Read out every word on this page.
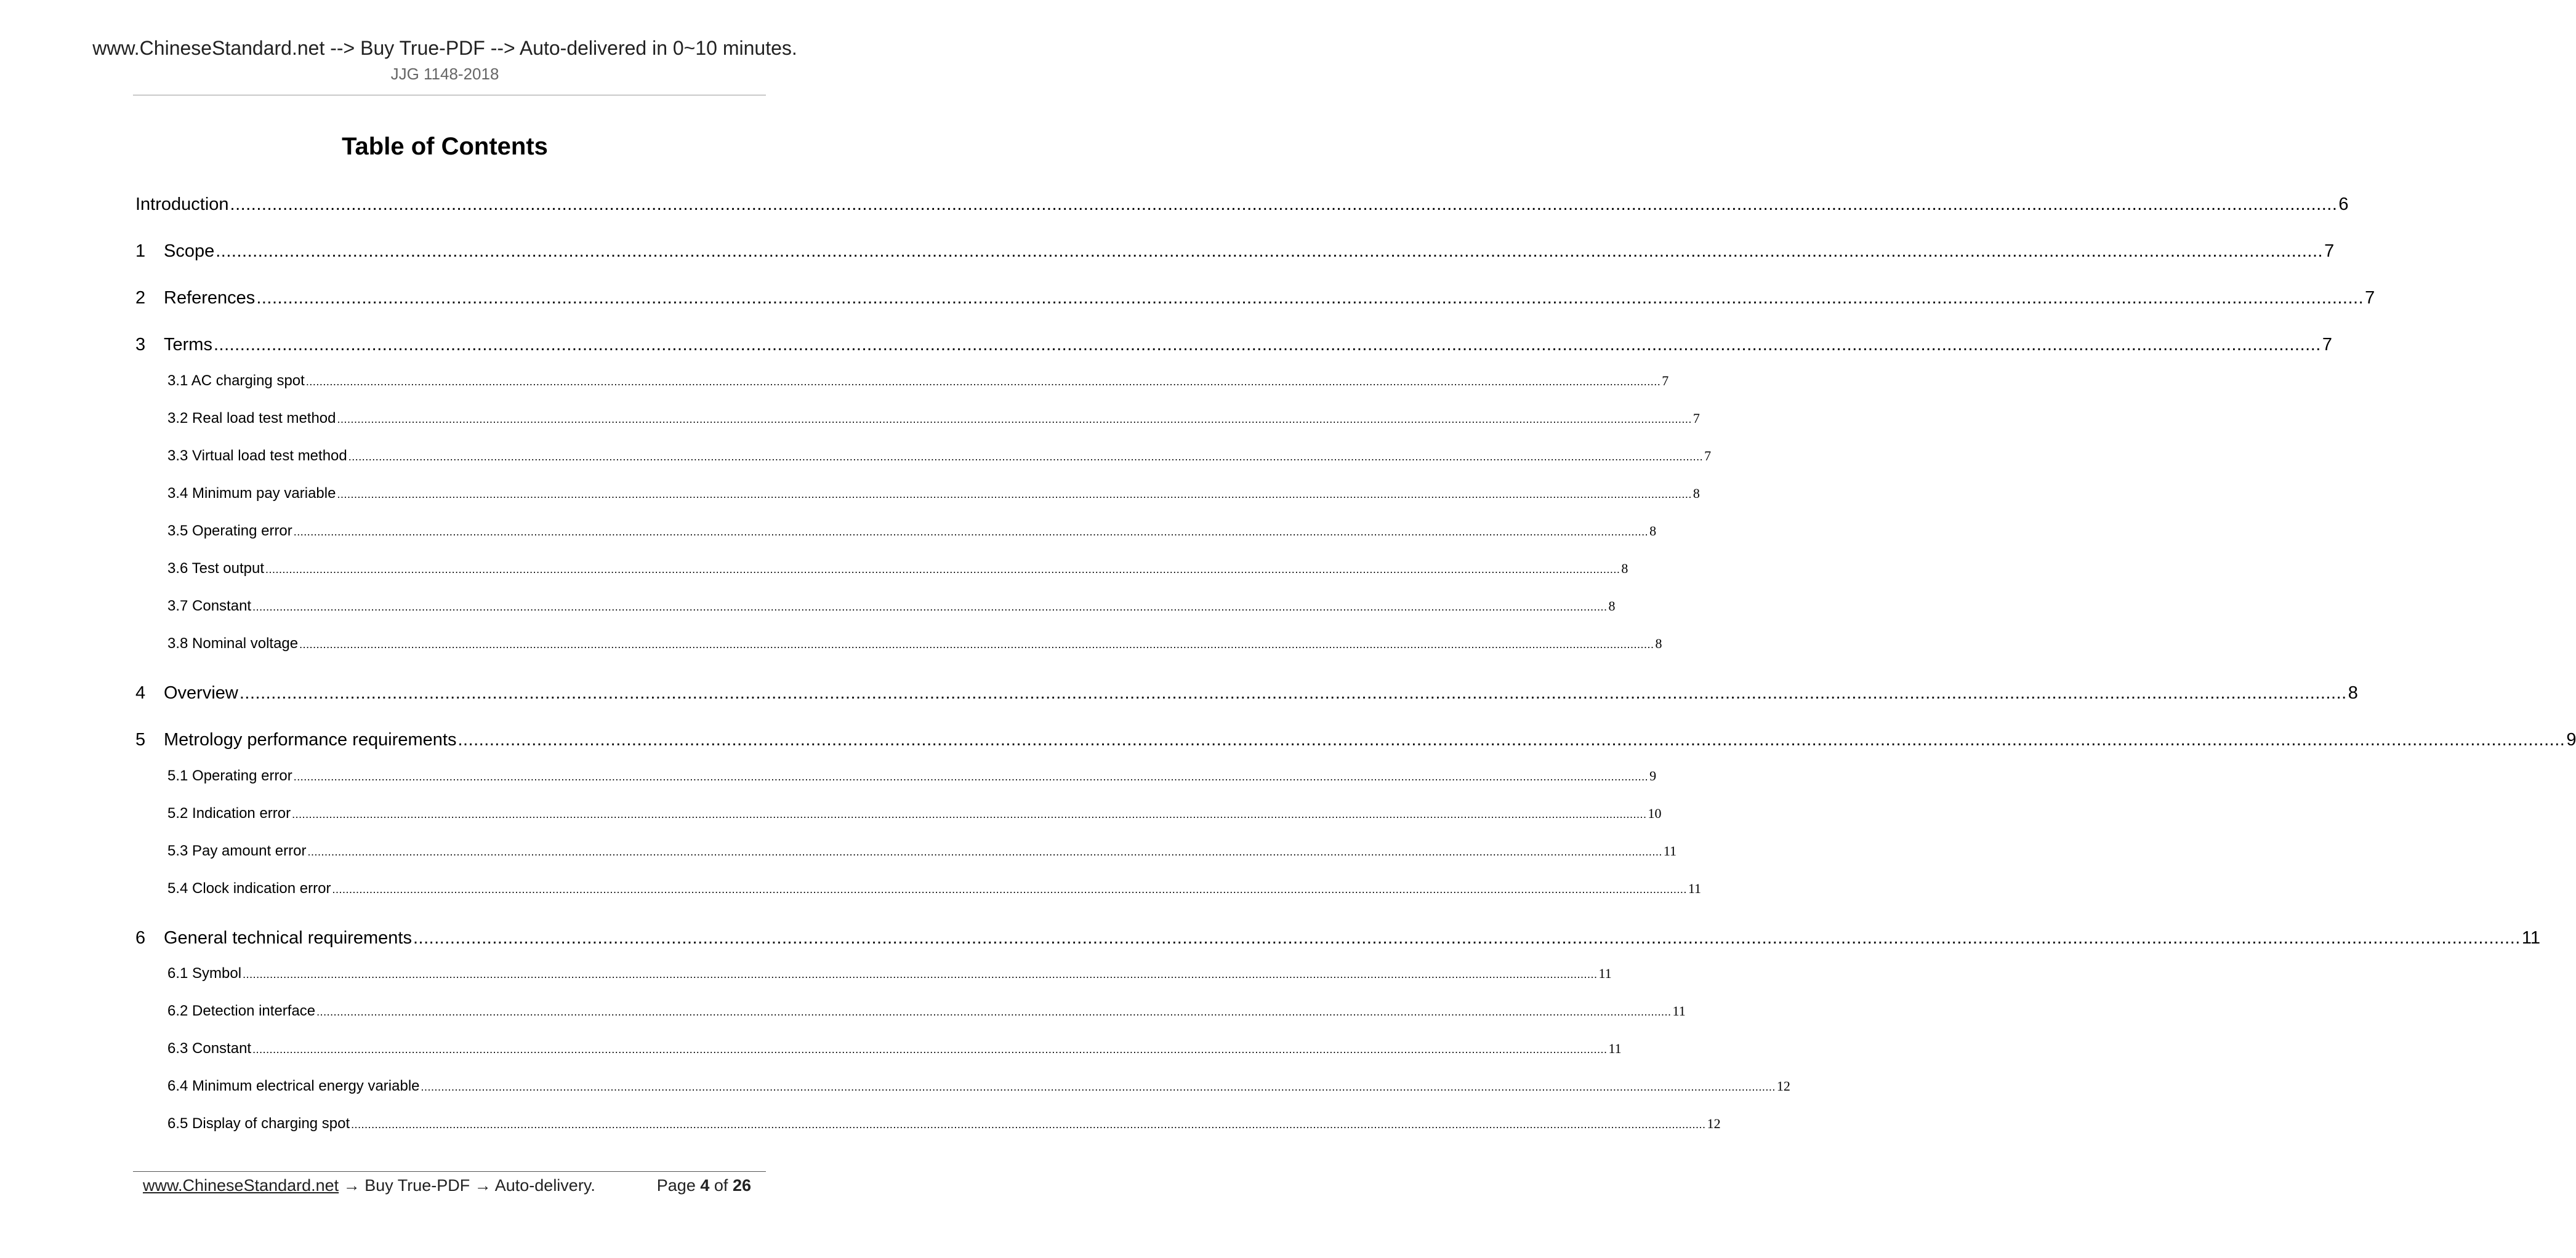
www.ChineseStandard.net --> Buy True-PDF --> Auto-delivered in 0~10 minutes.
JJG 1148-2018
Table of Contents
Introduction ................................................................................................................................................................................................................................................................................................................................................................................................................ 6
1	Scope ................................................................................................................................................................................................................................................................................................................................................................................................................ 7
2	References ................................................................................................................................................................................................................................................................................................................................................................................................................ 7
3	Terms ................................................................................................................................................................................................................................................................................................................................................................................................................ 7
3.1 AC charging spot ................................................................................................................................................................................................................................................................................................................................................................................................................ 7
3.2 Real load test method ................................................................................................................................................................................................................................................................................................................................................................................................................ 7
3.3 Virtual load test method ................................................................................................................................................................................................................................................................................................................................................................................................................ 7
3.4 Minimum pay variable ................................................................................................................................................................................................................................................................................................................................................................................................................ 8
3.5 Operating error ................................................................................................................................................................................................................................................................................................................................................................................................................ 8
3.6 Test output ................................................................................................................................................................................................................................................................................................................................................................................................................ 8
3.7 Constant ................................................................................................................................................................................................................................................................................................................................................................................................................ 8
3.8 Nominal voltage ................................................................................................................................................................................................................................................................................................................................................................................................................ 8
4	Overview ................................................................................................................................................................................................................................................................................................................................................................................................................ 8
5	Metrology performance requirements ................................................................................................................................................................................................................................................................................................................................................................................................................ 9
5.1 Operating error ................................................................................................................................................................................................................................................................................................................................................................................................................ 9
5.2 Indication error ................................................................................................................................................................................................................................................................................................................................................................................................................ 10
5.3 Pay amount error ................................................................................................................................................................................................................................................................................................................................................................................................................ 11
5.4 Clock indication error ................................................................................................................................................................................................................................................................................................................................................................................................................ 11
6	General technical requirements ................................................................................................................................................................................................................................................................................................................................................................................................................ 11
6.1 Symbol ................................................................................................................................................................................................................................................................................................................................................................................................................ 11
6.2 Detection interface ................................................................................................................................................................................................................................................................................................................................................................................................................ 11
6.3 Constant ................................................................................................................................................................................................................................................................................................................................................................................................................ 11
6.4 Minimum electrical energy variable ................................................................................................................................................................................................................................................................................................................................................................................................................ 12
6.5 Display of charging spot ................................................................................................................................................................................................................................................................................................................................................................................................................ 12
www.ChineseStandard.net → Buy True-PDF → Auto-delivery.	Page 4 of 26
